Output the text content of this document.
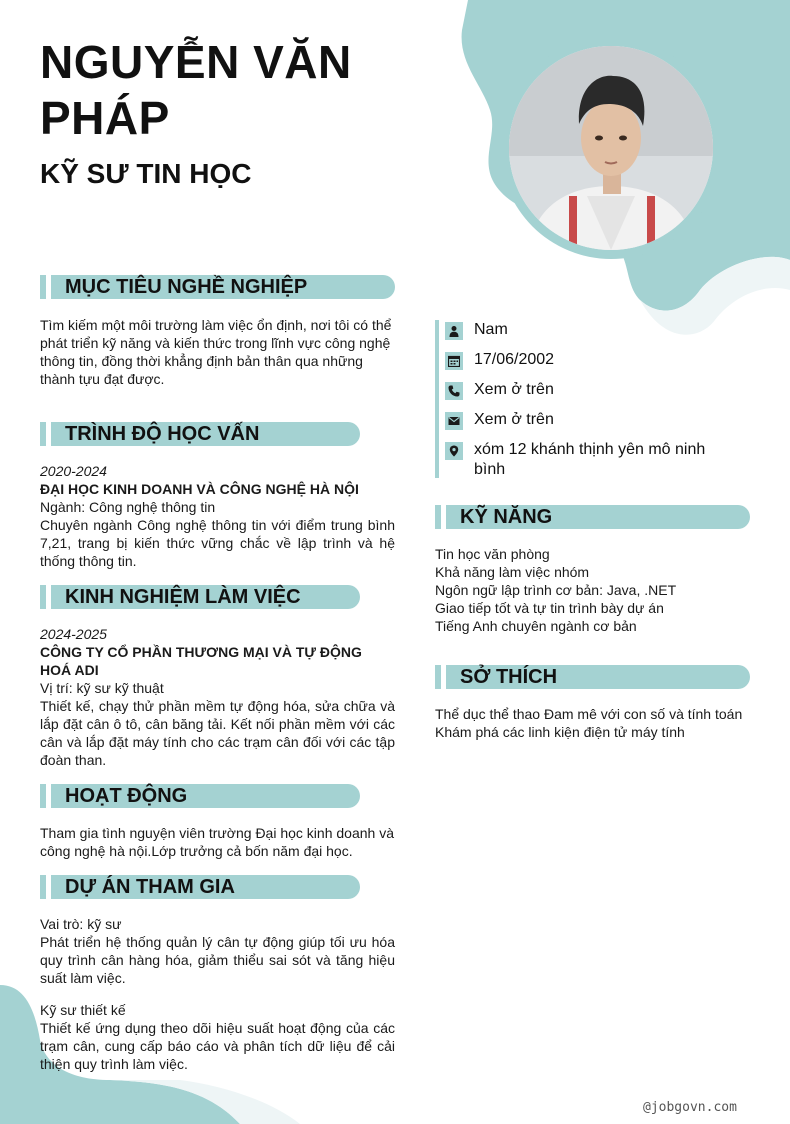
NGUYỄN VĂN PHÁP
KỸ SƯ TIN HỌC
MỤC TIÊU NGHỀ NGHIỆP
Tìm kiếm một môi trường làm việc ổn định, nơi tôi có thể phát triển kỹ năng và kiến thức trong lĩnh vực công nghệ thông tin, đồng thời khẳng định bản thân qua những thành tựu đạt được.
TRÌNH ĐỘ HỌC VẤN
2020-2024
ĐẠI HỌC KINH DOANH VÀ CÔNG NGHỆ HÀ NỘI
Ngành: Công nghệ thông tin
Chuyên ngành Công nghệ thông tin với điểm trung bình 7,21, trang bị kiến thức vững chắc về lập trình và hệ thống thông tin.
KINH NGHIỆM LÀM VIỆC
2024-2025
CÔNG TY CỔ PHẦN THƯƠNG MẠI VÀ TỰ ĐỘNG HOÁ ADI
Vị trí: kỹ sư kỹ thuật
Thiết kế, chạy thử phần mềm tự động hóa, sửa chữa và lắp đặt cân ô tô, cân băng tải. Kết nối phần mềm với các cân và lắp đặt máy tính cho các trạm cân đối với các tập đoàn than.
HOẠT ĐỘNG
Tham gia tình nguyện viên trường Đại học kinh doanh và công nghệ hà nội.Lớp trưởng cả bốn năm đại học.
DỰ ÁN THAM GIA
Vai trò: kỹ sư
Phát triển hệ thống quản lý cân tự động giúp tối ưu hóa quy trình cân hàng hóa, giảm thiểu sai sót và tăng hiệu suất làm việc.
Kỹ sư thiết kế
Thiết kế ứng dụng theo dõi hiệu suất hoạt động của các trạm cân, cung cấp báo cáo và phân tích dữ liệu để cải thiện quy trình làm việc.
Nam
17/06/2002
Xem ở trên
Xem ở trên
xóm 12 khánh thịnh yên mô ninh bình
KỸ NĂNG
Tin học văn phòng
Khả năng làm việc nhóm
Ngôn ngữ lập trình cơ bản: Java, .NET
Giao tiếp tốt và tự tin trình bày dự án
Tiếng Anh chuyên ngành cơ bản
SỞ THÍCH
Thể dục thể thao Đam mê với con số và tính toán Khám phá các linh kiện điện tử máy tính
@jobgovn.com
